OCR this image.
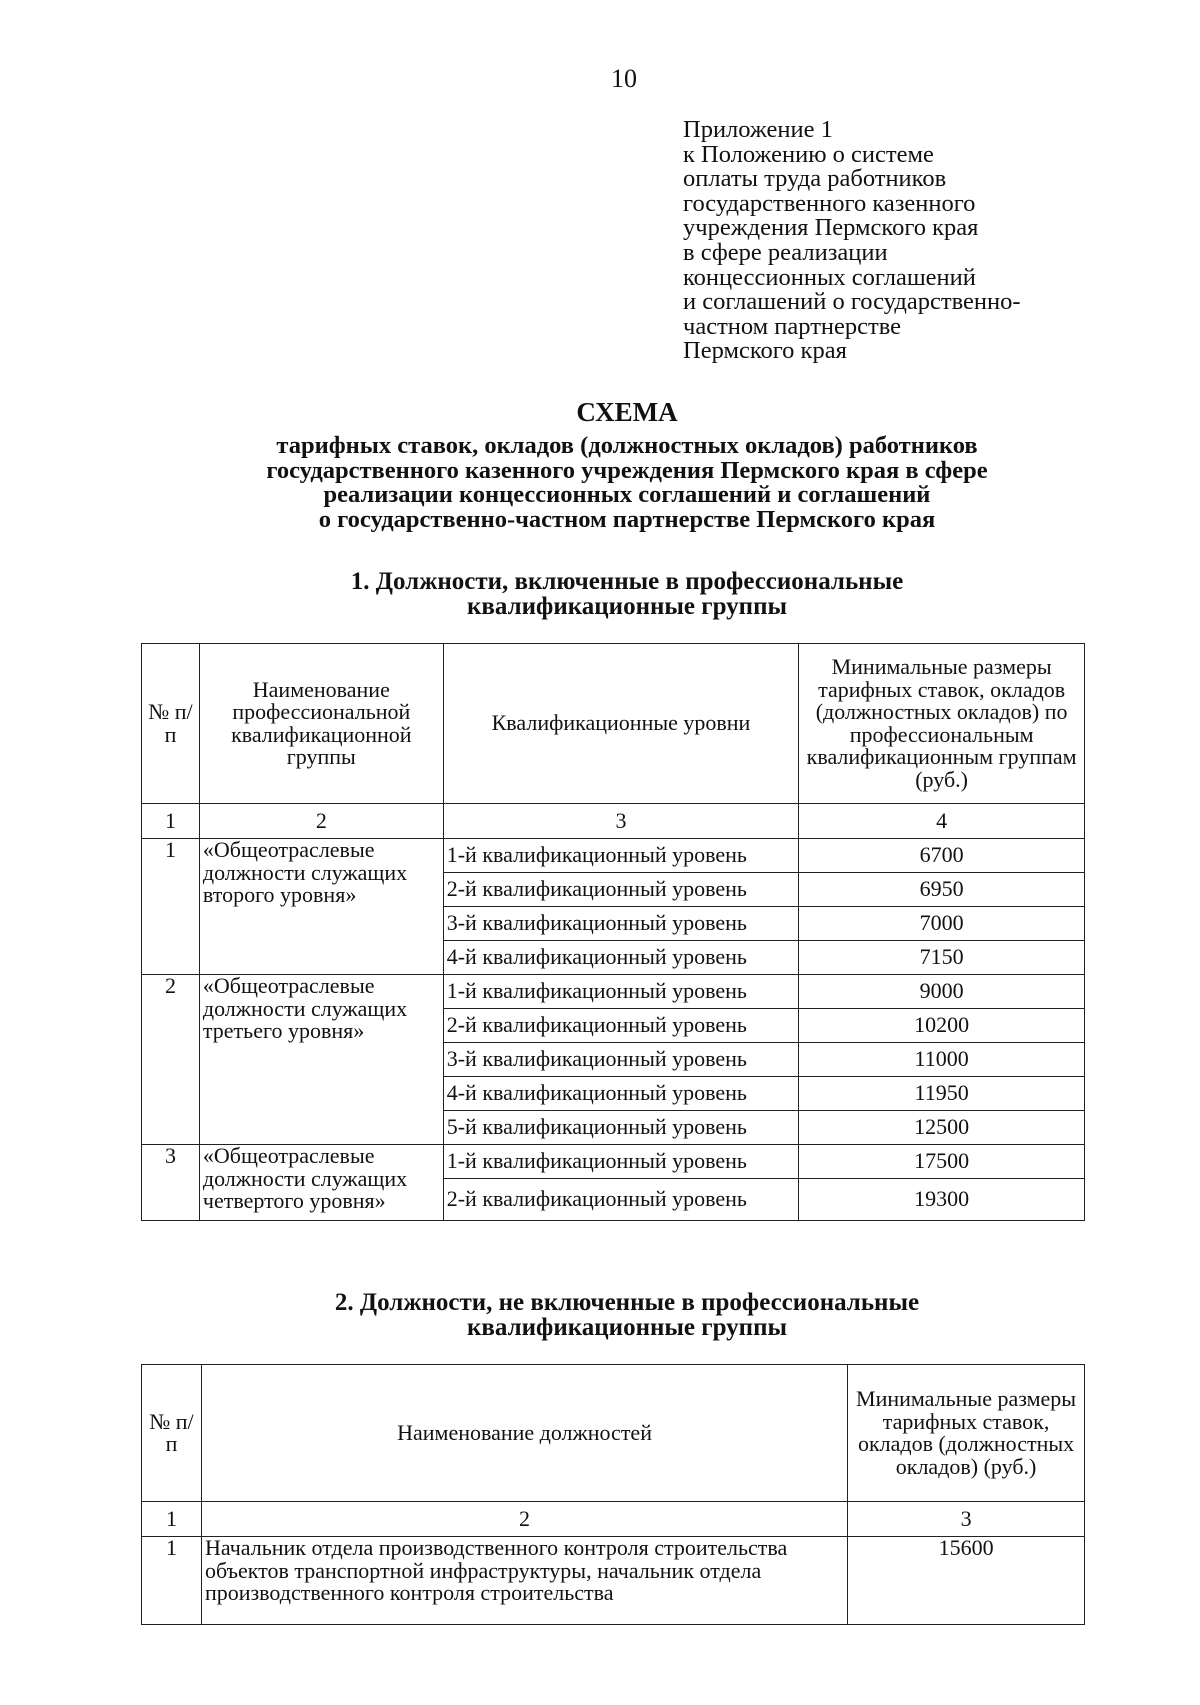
10
Приложение 1
к Положению о системе
оплаты труда работников
государственного казенного
учреждения Пермского края
в сфере реализации
концессионных соглашений
и соглашений о государственно-
частном партнерстве
Пермского края
СХЕМА
тарифных ставок, окладов (должностных окладов) работников
государственного казенного учреждения Пермского края в сфере
реализации концессионных соглашений и соглашений
о государственно-частном партнерстве Пермского края
1. Должности, включенные в профессиональные
квалификационные группы
№ п/п	Наименование профессиональной квалификационной группы	Квалификационные уровни	Минимальные размеры тарифных ставок, окладов (должностных окладов) по профессиональным квалификационным группам (руб.)
1	2	3	4
1	«Общеотраслевые должности служащих второго уровня»	1-й квалификационный уровень	6700
		2-й квалификационный уровень	6950
		3-й квалификационный уровень	7000
		4-й квалификационный уровень	7150
2	«Общеотраслевые должности служащих третьего уровня»	1-й квалификационный уровень	9000
		2-й квалификационный уровень	10200
		3-й квалификационный уровень	11000
		4-й квалификационный уровень	11950
		5-й квалификационный уровень	12500
3	«Общеотраслевые должности служащих четвертого уровня»	1-й квалификационный уровень	17500
		2-й квалификационный уровень	19300
2. Должности, не включенные в профессиональные
квалификационные группы
№ п/п	Наименование должностей	Минимальные размеры тарифных ставок, окладов (должностных окладов) (руб.)
1	2	3
1	Начальник отдела производственного контроля строительства объектов транспортной инфраструктуры, начальник отдела производственного контроля строительства	15600
